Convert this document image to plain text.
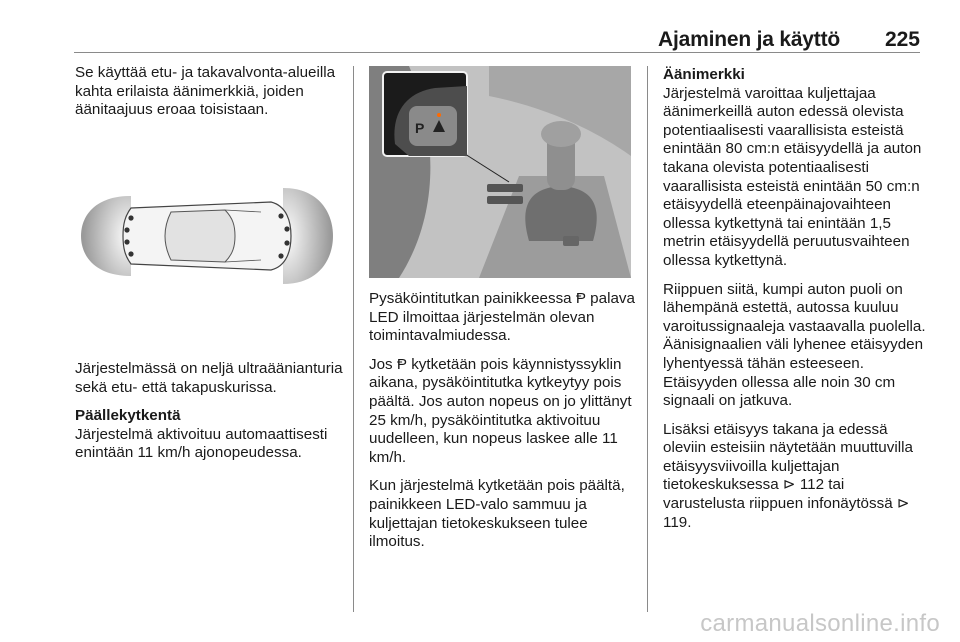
Ajaminen ja käyttö 225

Se käyttää etu- ja takavalvonta-alueilla kahta erilaista äänimerkkiä, joiden äänitaajuus eroaa toisistaan.

Järjestelmässä on neljä ultraäänianturia sekä etu- että takapuskurissa.

Päällekytkentä

Järjestelmä aktivoituu automaattisesti enintään 11 km/h ajonopeudessa.

P

Pysäköintitutkan painikkeessa Ᵽ palava LED ilmoittaa järjestelmän olevan toimintavalmiudessa.

Jos Ᵽ kytketään pois käynnistyssyklin aikana, pysäköintitutka kytkeytyy pois päältä. Jos auton nopeus on jo ylittänyt 25 km/h, pysäköintitutka aktivoituu uudelleen, kun nopeus laskee alle 11 km/h.

Kun järjestelmä kytketään pois päältä, painikkeen LED-valo sammuu ja kuljettajan tietokeskukseen tulee ilmoitus.

Äänimerkki

Järjestelmä varoittaa kuljettajaa äänimerkeillä auton edessä olevista potentiaalisesti vaarallisista esteistä enintään 80 cm:n etäisyydellä ja auton takana olevista potentiaalisesti vaarallisista esteistä enintään 50 cm:n etäisyydellä eteenpäinajovaihteen ollessa kytkettynä tai enintään 1,5 metrin etäisyydellä peruutusvaihteen ollessa kytkettynä.

Riippuen siitä, kumpi auton puoli on lähempänä estettä, autossa kuuluu varoitussignaaleja vastaavalla puolella. Äänisignaalien väli lyhenee etäisyyden lyhentyessä tähän esteeseen. Etäisyyden ollessa alle noin 30 cm signaali on jatkuva.

Lisäksi etäisyys takana ja edessä oleviin esteisiin näytetään muuttuvilla etäisyysviivoilla kuljettajan tietokeskuksessa ⊳ 112 tai varustelusta riippuen infonäytössä ⊳ 119.

carmanualsonline.info
